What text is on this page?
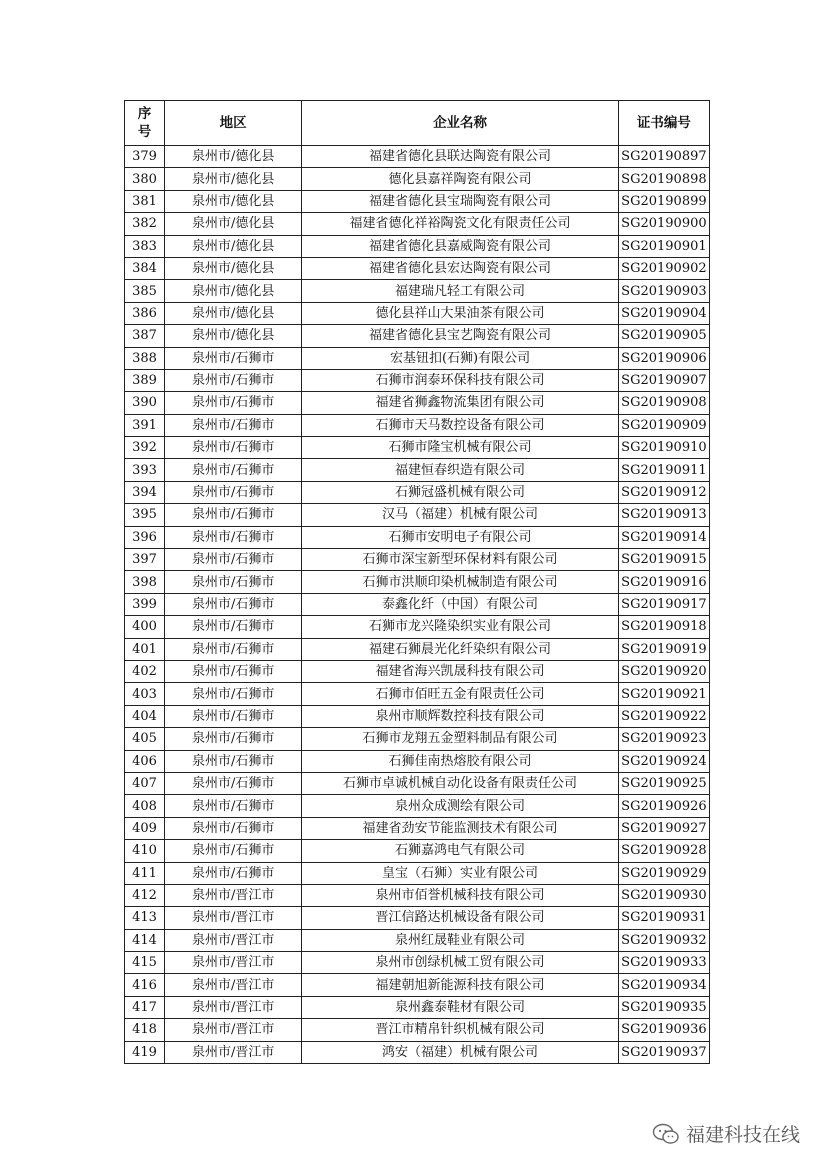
序
号	地区	企业名称	证书编号
379	泉州市/德化县	福建省德化县联达陶瓷有限公司	SG20190897
380	泉州市/德化县	德化县嘉祥陶瓷有限公司	SG20190898
381	泉州市/德化县	福建省德化县宝瑞陶瓷有限公司	SG20190899
382	泉州市/德化县	福建省德化祥裕陶瓷文化有限责任公司	SG20190900
383	泉州市/德化县	福建省德化县嘉威陶瓷有限公司	SG20190901
384	泉州市/德化县	福建省德化县宏达陶瓷有限公司	SG20190902
385	泉州市/德化县	福建瑞凡轻工有限公司	SG20190903
386	泉州市/德化县	德化县祥山大果油茶有限公司	SG20190904
387	泉州市/德化县	福建省德化县宝艺陶瓷有限公司	SG20190905
388	泉州市/石狮市	宏基钮扣(石狮)有限公司	SG20190906
389	泉州市/石狮市	石狮市润泰环保科技有限公司	SG20190907
390	泉州市/石狮市	福建省狮鑫物流集团有限公司	SG20190908
391	泉州市/石狮市	石狮市天马数控设备有限公司	SG20190909
392	泉州市/石狮市	石狮市隆宝机械有限公司	SG20190910
393	泉州市/石狮市	福建恒春织造有限公司	SG20190911
394	泉州市/石狮市	石狮冠盛机械有限公司	SG20190912
395	泉州市/石狮市	汉马（福建）机械有限公司	SG20190913
396	泉州市/石狮市	石狮市安明电子有限公司	SG20190914
397	泉州市/石狮市	石狮市深宝新型环保材料有限公司	SG20190915
398	泉州市/石狮市	石狮市洪顺印染机械制造有限公司	SG20190916
399	泉州市/石狮市	泰鑫化纤（中国）有限公司	SG20190917
400	泉州市/石狮市	石狮市龙兴隆染织实业有限公司	SG20190918
401	泉州市/石狮市	福建石狮晨光化纤染织有限公司	SG20190919
402	泉州市/石狮市	福建省海兴凯晟科技有限公司	SG20190920
403	泉州市/石狮市	石狮市佰旺五金有限责任公司	SG20190921
404	泉州市/石狮市	泉州市顺辉数控科技有限公司	SG20190922
405	泉州市/石狮市	石狮市龙翔五金塑料制品有限公司	SG20190923
406	泉州市/石狮市	石狮佳南热熔胶有限公司	SG20190924
407	泉州市/石狮市	石狮市卓诚机械自动化设备有限责任公司	SG20190925
408	泉州市/石狮市	泉州众成测绘有限公司	SG20190926
409	泉州市/石狮市	福建省劲安节能监测技术有限公司	SG20190927
410	泉州市/石狮市	石狮嘉鸿电气有限公司	SG20190928
411	泉州市/石狮市	皇宝（石狮）实业有限公司	SG20190929
412	泉州市/晋江市	泉州市佰誉机械科技有限公司	SG20190930
413	泉州市/晋江市	晋江信路达机械设备有限公司	SG20190931
414	泉州市/晋江市	泉州红晟鞋业有限公司	SG20190932
415	泉州市/晋江市	泉州市创绿机械工贸有限公司	SG20190933
416	泉州市/晋江市	福建朝旭新能源科技有限公司	SG20190934
417	泉州市/晋江市	泉州鑫泰鞋材有限公司	SG20190935
418	泉州市/晋江市	晋江市精帛针织机械有限公司	SG20190936
419	泉州市/晋江市	鸿安（福建）机械有限公司	SG20190937
福建科技在线
